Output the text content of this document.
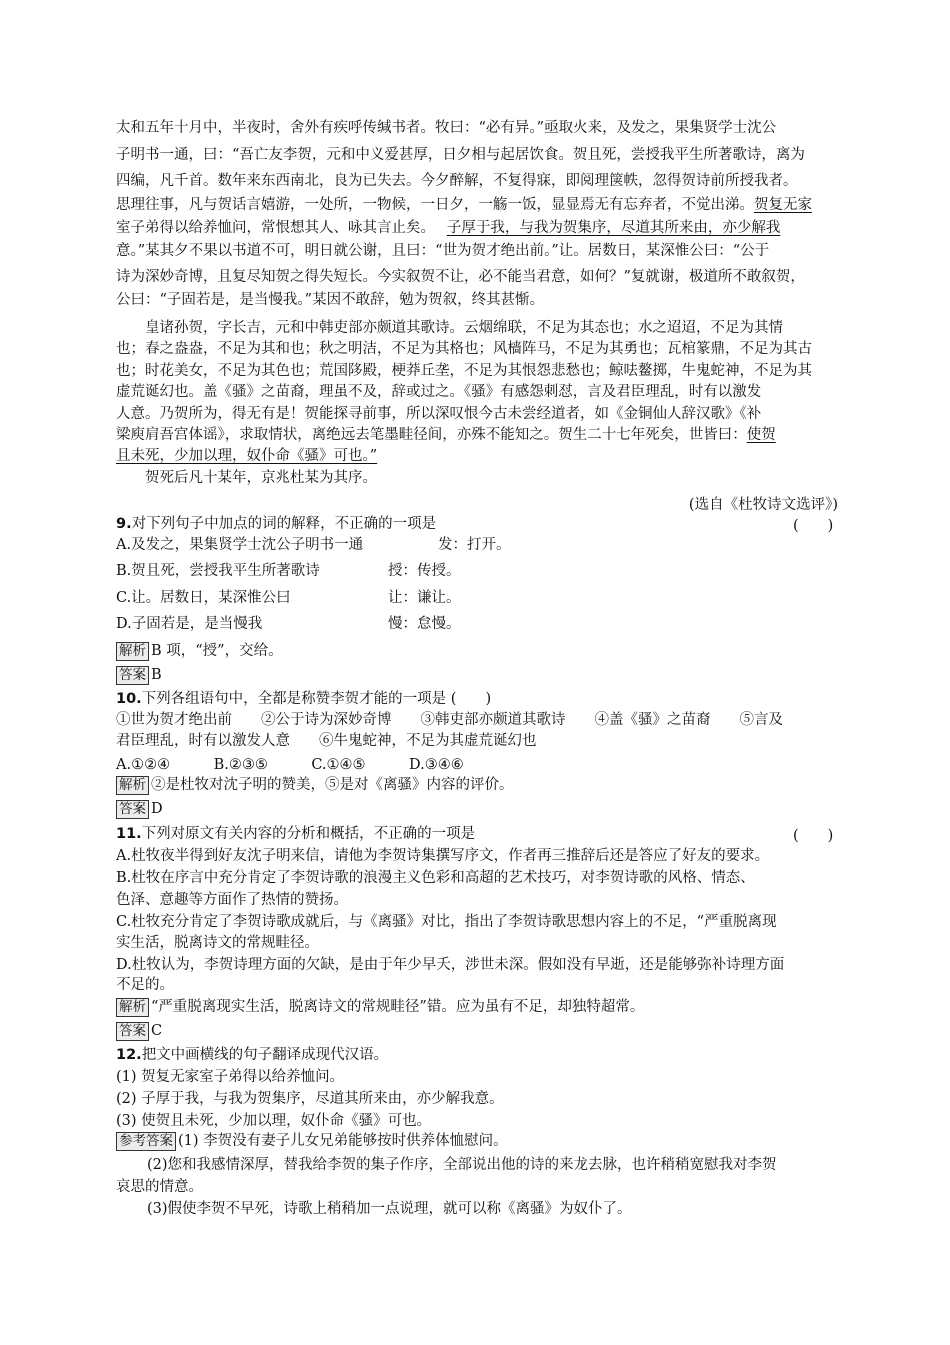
太和五年十月中，半夜时，舍外有疾呼传缄书者。牧曰：“必有异。”亟取火来，及发之，果集贤学士沈公
子明书一通，曰：“吾亡友李贺，元和中义爱甚厚，日夕相与起居饮食。贺且死，尝授我平生所著歌诗，离为
四编，凡千首。数年来东西南北，良为已失去。今夕醉解，不复得寐，即阅理箧帙，忽得贺诗前所授我者。
思理往事，凡与贺话言嬉游，一处所，一物候，一日夕，一觞一饭，显显焉无有忘弃者，不觉出涕。贺复无家
室子弟得以给养恤问，常恨想其人、咏其言止矣。　 子厚于我，与我为贺集序，尽道其所来由，亦少解我
意。”某其夕不果以书道不可，明日就公谢，且曰：“世为贺才绝出前。”让。居数日，某深惟公曰：“公于
诗为深妙奇博，且复尽知贺之得失短长。今实叙贺不让，必不能当君意，如何？”复就谢，极道所不敢叙贺，
公曰：“子固若是，是当慢我。”某因不敢辞，勉为贺叙，终其甚惭。
皇诸孙贺，字长吉，元和中韩吏部亦颇道其歌诗。云烟绵联，不足为其态也；水之迢迢，不足为其情
也；春之盎盎，不足为其和也；秋之明洁，不足为其格也；风樯阵马，不足为其勇也；瓦棺篆鼎，不足为其古
也；时花美女，不足为其色也；荒国陊殿，梗莽丘垄，不足为其恨怨悲愁也；鲸呿鳌掷，牛鬼蛇神，不足为其
虚荒诞幻也。盖《骚》之苗裔，理虽不及，辞或过之。《骚》有感怨刺怼，言及君臣理乱，时有以激发
人意。乃贺所为，得无有是！贺能探寻前事，所以深叹恨今古未尝经道者，如《金铜仙人辞汉歌》《补
梁庾肩吾宫体谣》，求取情状，离绝远去笔墨畦径间，亦殊不能知之。贺生二十七年死矣，世皆曰：使贺
且未死，少加以理，奴仆命《骚》可也。”
贺死后凡十某年，京兆杜某为其序。
(选自《杜牧诗文选评》)
9.对下列句子中加点的词的解释，不正确的一项是	(　　)
A.及发之，果集贤学士沈公子明书一通	发：打开。
B.贺且死，尝授我平生所著歌诗	授：传授。
C.让。居数日，某深惟公曰	让：谦让。
D.子固若是，是当慢我	慢：怠慢。
解析 B 项，“授”，交给。
答案 B
10.下列各组语句中，全都是称赞李贺才能的一项是 (　　)
①世为贺才绝出前　　②公于诗为深妙奇博　　③韩吏部亦颇道其歌诗　　④盖《骚》之苗裔　　⑤言及
君臣理乱，时有以激发人意　　⑥牛鬼蛇神，不足为其虚荒诞幻也
A.①②④　　　B.②③⑤　　　C.①④⑤　　　D.③④⑥
解析 ②是杜牧对沈子明的赞美，⑤是对《离骚》内容的评价。
答案 D
11.下列对原文有关内容的分析和概括，不正确的一项是	(　　)
A.杜牧夜半得到好友沈子明来信，请他为李贺诗集撰写序文，作者再三推辞后还是答应了好友的要求。
B.杜牧在序言中充分肯定了李贺诗歌的浪漫主义色彩和高超的艺术技巧，对李贺诗歌的风格、情态、
色泽、意趣等方面作了热情的赞扬。
C.杜牧充分肯定了李贺诗歌成就后，与《离骚》对比，指出了李贺诗歌思想内容上的不足，“严重脱离现
实生活，脱离诗文的常规畦径。
D.杜牧认为，李贺诗理方面的欠缺，是由于年少早夭，涉世未深。假如没有早逝，还是能够弥补诗理方面
不足的。
解析 “严重脱离现实生活，脱离诗文的常规畦径”错。应为虽有不足，却独特超常。
答案 C
12.把文中画横线的句子翻译成现代汉语。
(1) 贺复无家室子弟得以给养恤问。
(2) 子厚于我，与我为贺集序，尽道其所来由，亦少解我意。
(3) 使贺且未死，少加以理，奴仆命《骚》可也。
参考答案 (1) 李贺没有妻子儿女兄弟能够按时供养体恤慰问。
(2)您和我感情深厚，替我给李贺的集子作序，全部说出他的诗的来龙去脉，也许稍稍宽慰我对李贺
哀思的情意。
(3)假使李贺不早死，诗歌上稍稍加一点说理，就可以称《离骚》为奴仆了。
